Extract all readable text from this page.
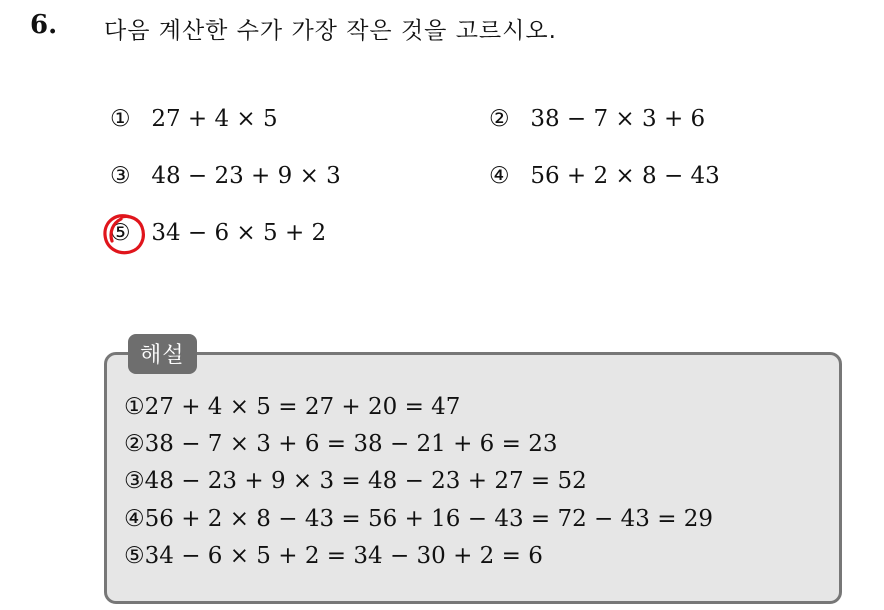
6. 다음 계산한 수가 가장 작은 것을 고르시오.
① 27 + 4 × 5	② 38 − 7 × 3 + 6
③ 48 − 23 + 9 × 3	④ 56 + 2 × 8 − 43
⑤ 34 − 6 × 5 + 2
해설
①27 + 4 × 5 = 27 + 20 = 47
②38 − 7 × 3 + 6 = 38 − 21 + 6 = 23
③48 − 23 + 9 × 3 = 48 − 23 + 27 = 52
④56 + 2 × 8 − 43 = 56 + 16 − 43 = 72 − 43 = 29
⑤34 − 6 × 5 + 2 = 34 − 30 + 2 = 6
